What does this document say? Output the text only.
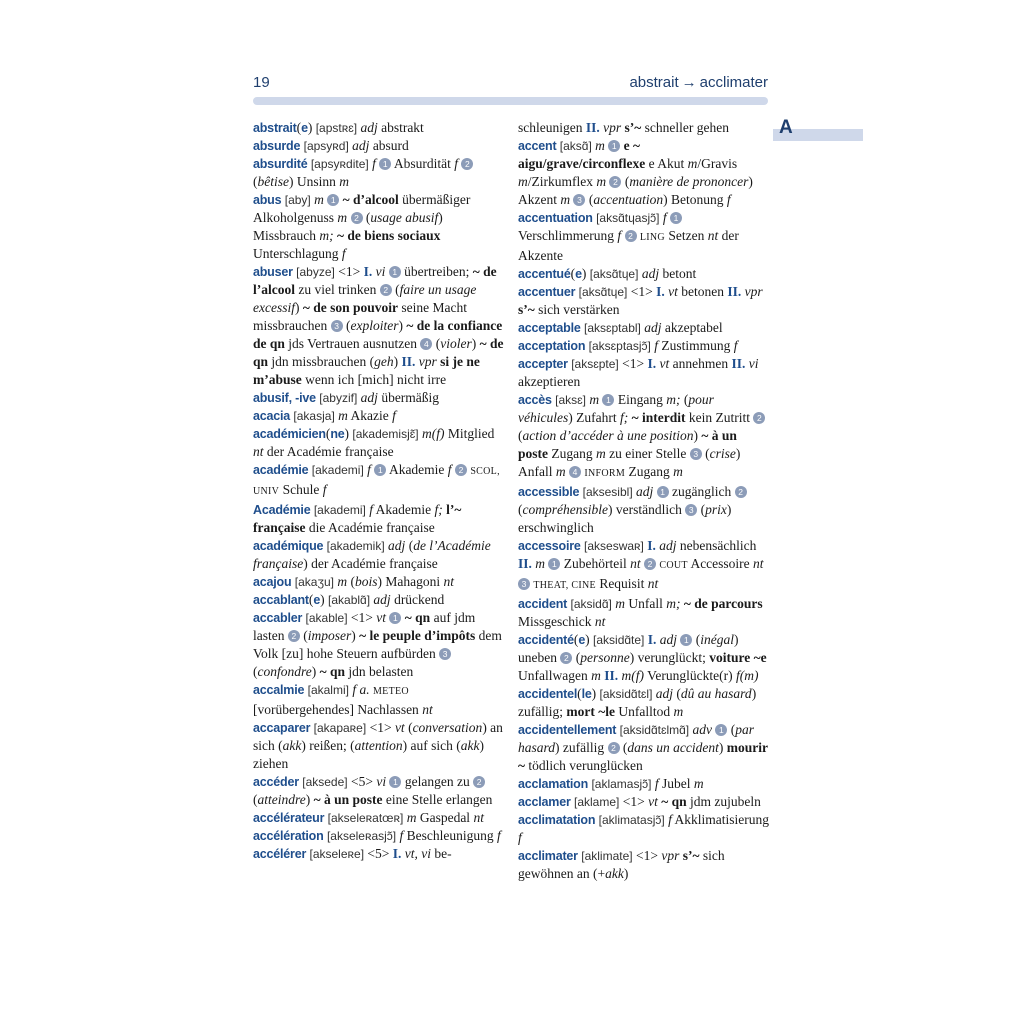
19	abstrait → acclimater
A

abstrait(e) [apstʀɛ] adj abstrakt

absurde [apsyʀd] adj absurd

absurdité [apsyʀdite] f 1 Absurdität f 2 (bêtise) Unsinn m

abus [aby] m 1 ~ d’alcool übermäßiger Alkoholgenuss m 2 (usage abusif) Missbrauch m; ~ de biens sociaux Unterschlagung f

abuser [abyze] <1> I. vi 1 übertreiben; ~ de l’alcool zu viel trinken 2 (faire un usage excessif) ~ de son pouvoir seine Macht missbrauchen 3 (exploiter) ~ de la confiance de qn jds Vertrauen ausnutzen 4 (violer) ~ de qn jdn missbrauchen (geh) II. vpr si je ne m’abuse wenn ich [mich] nicht irre

abusif, -ive [abyzif] adj übermäßig

acacia [akasja] m Akazie f

académicien(ne) [akademisjɛ̃] m(f) Mitglied nt der Académie française

académie [akademi] f 1 Akademie f 2 SCOL, UNIV Schule f

Académie [akademi] f Akademie f; l’~ française die Académie française

académique [akademik] adj (de l’Académie française) der Académie française

acajou [akaʒu] m (bois) Mahagoni nt

accablant(e) [akablɑ̃] adj drückend

accabler [akable] <1> vt 1 ~ qn auf jdm lasten 2 (imposer) ~ le peuple d’impôts dem Volk [zu] hohe Steuern aufbürden 3 (confondre) ~ qn jdn belasten

accalmie [akalmi] f a. METEO [vorübergehendes] Nachlassen nt

accaparer [akapaʀe] <1> vt (conversation) an sich (akk) reißen; (attention) auf sich (akk) ziehen

accéder [aksede] <5> vi 1 gelangen zu 2 (atteindre) ~ à un poste eine Stelle erlangen

accélérateur [akseleʀatœʀ] m Gaspedal nt

accélération [akseleʀasjɔ̃] f Beschleunigung f

accélérer [akseleʀe] <5> I. vt, vi be-

schleunigen II. vpr s’~ schneller gehen

accent [aksɑ̃] m 1 e ~ aigu/grave/circonflexe e Akut m/Gravis m/Zirkumflex m 2 (manière de prononcer) Akzent m 3 (accentuation) Betonung f

accentuation [aksɑ̃tɥasjɔ̃] f 1 Verschlimmerung f 2 LING Setzen nt der Akzente

accentué(e) [aksɑ̃tɥe] adj betont

accentuer [aksɑ̃tɥe] <1> I. vt betonen II. vpr s’~ sich verstärken

acceptable [aksɛptabl] adj akzeptabel

acceptation [aksɛptasjɔ̃] f Zustimmung f

accepter [aksɛpte] <1> I. vt annehmen II. vi akzeptieren

accès [aksɛ] m 1 Eingang m; (pour véhicules) Zufahrt f; ~ interdit kein Zutritt 2 (action d’accéder à une position) ~ à un poste Zugang m zu einer Stelle 3 (crise) Anfall m 4 INFORM Zugang m

accessible [aksesibl] adj 1 zugänglich 2 (compréhensible) verständlich 3 (prix) erschwinglich

accessoire [akseswaʀ] I. adj nebensächlich II. m 1 Zubehörteil nt 2 COUT Accessoire nt 3 THEAT, CINE Requisit nt

accident [aksidɑ̃] m Unfall m; ~ de parcours Missgeschick nt

accidenté(e) [aksidɑ̃te] I. adj 1 (inégal) uneben 2 (personne) verunglückt; voiture ~e Unfallwagen m II. m(f) Verunglückte(r) f(m)

accidentel(le) [aksidɑ̃tɛl] adj (dû au hasard) zufällig; mort ~le Unfalltod m

accidentellement [aksidɑ̃tɛlmɑ̃] adv 1 (par hasard) zufällig 2 (dans un accident) mourir ~ tödlich verunglücken

acclamation [aklamasjɔ̃] f Jubel m

acclamer [aklame] <1> vt ~ qn jdm zujubeln

acclimatation [aklimatasjɔ̃] f Akklimatisierung f

acclimater [aklimate] <1> vpr s’~ sich gewöhnen an (+akk)
